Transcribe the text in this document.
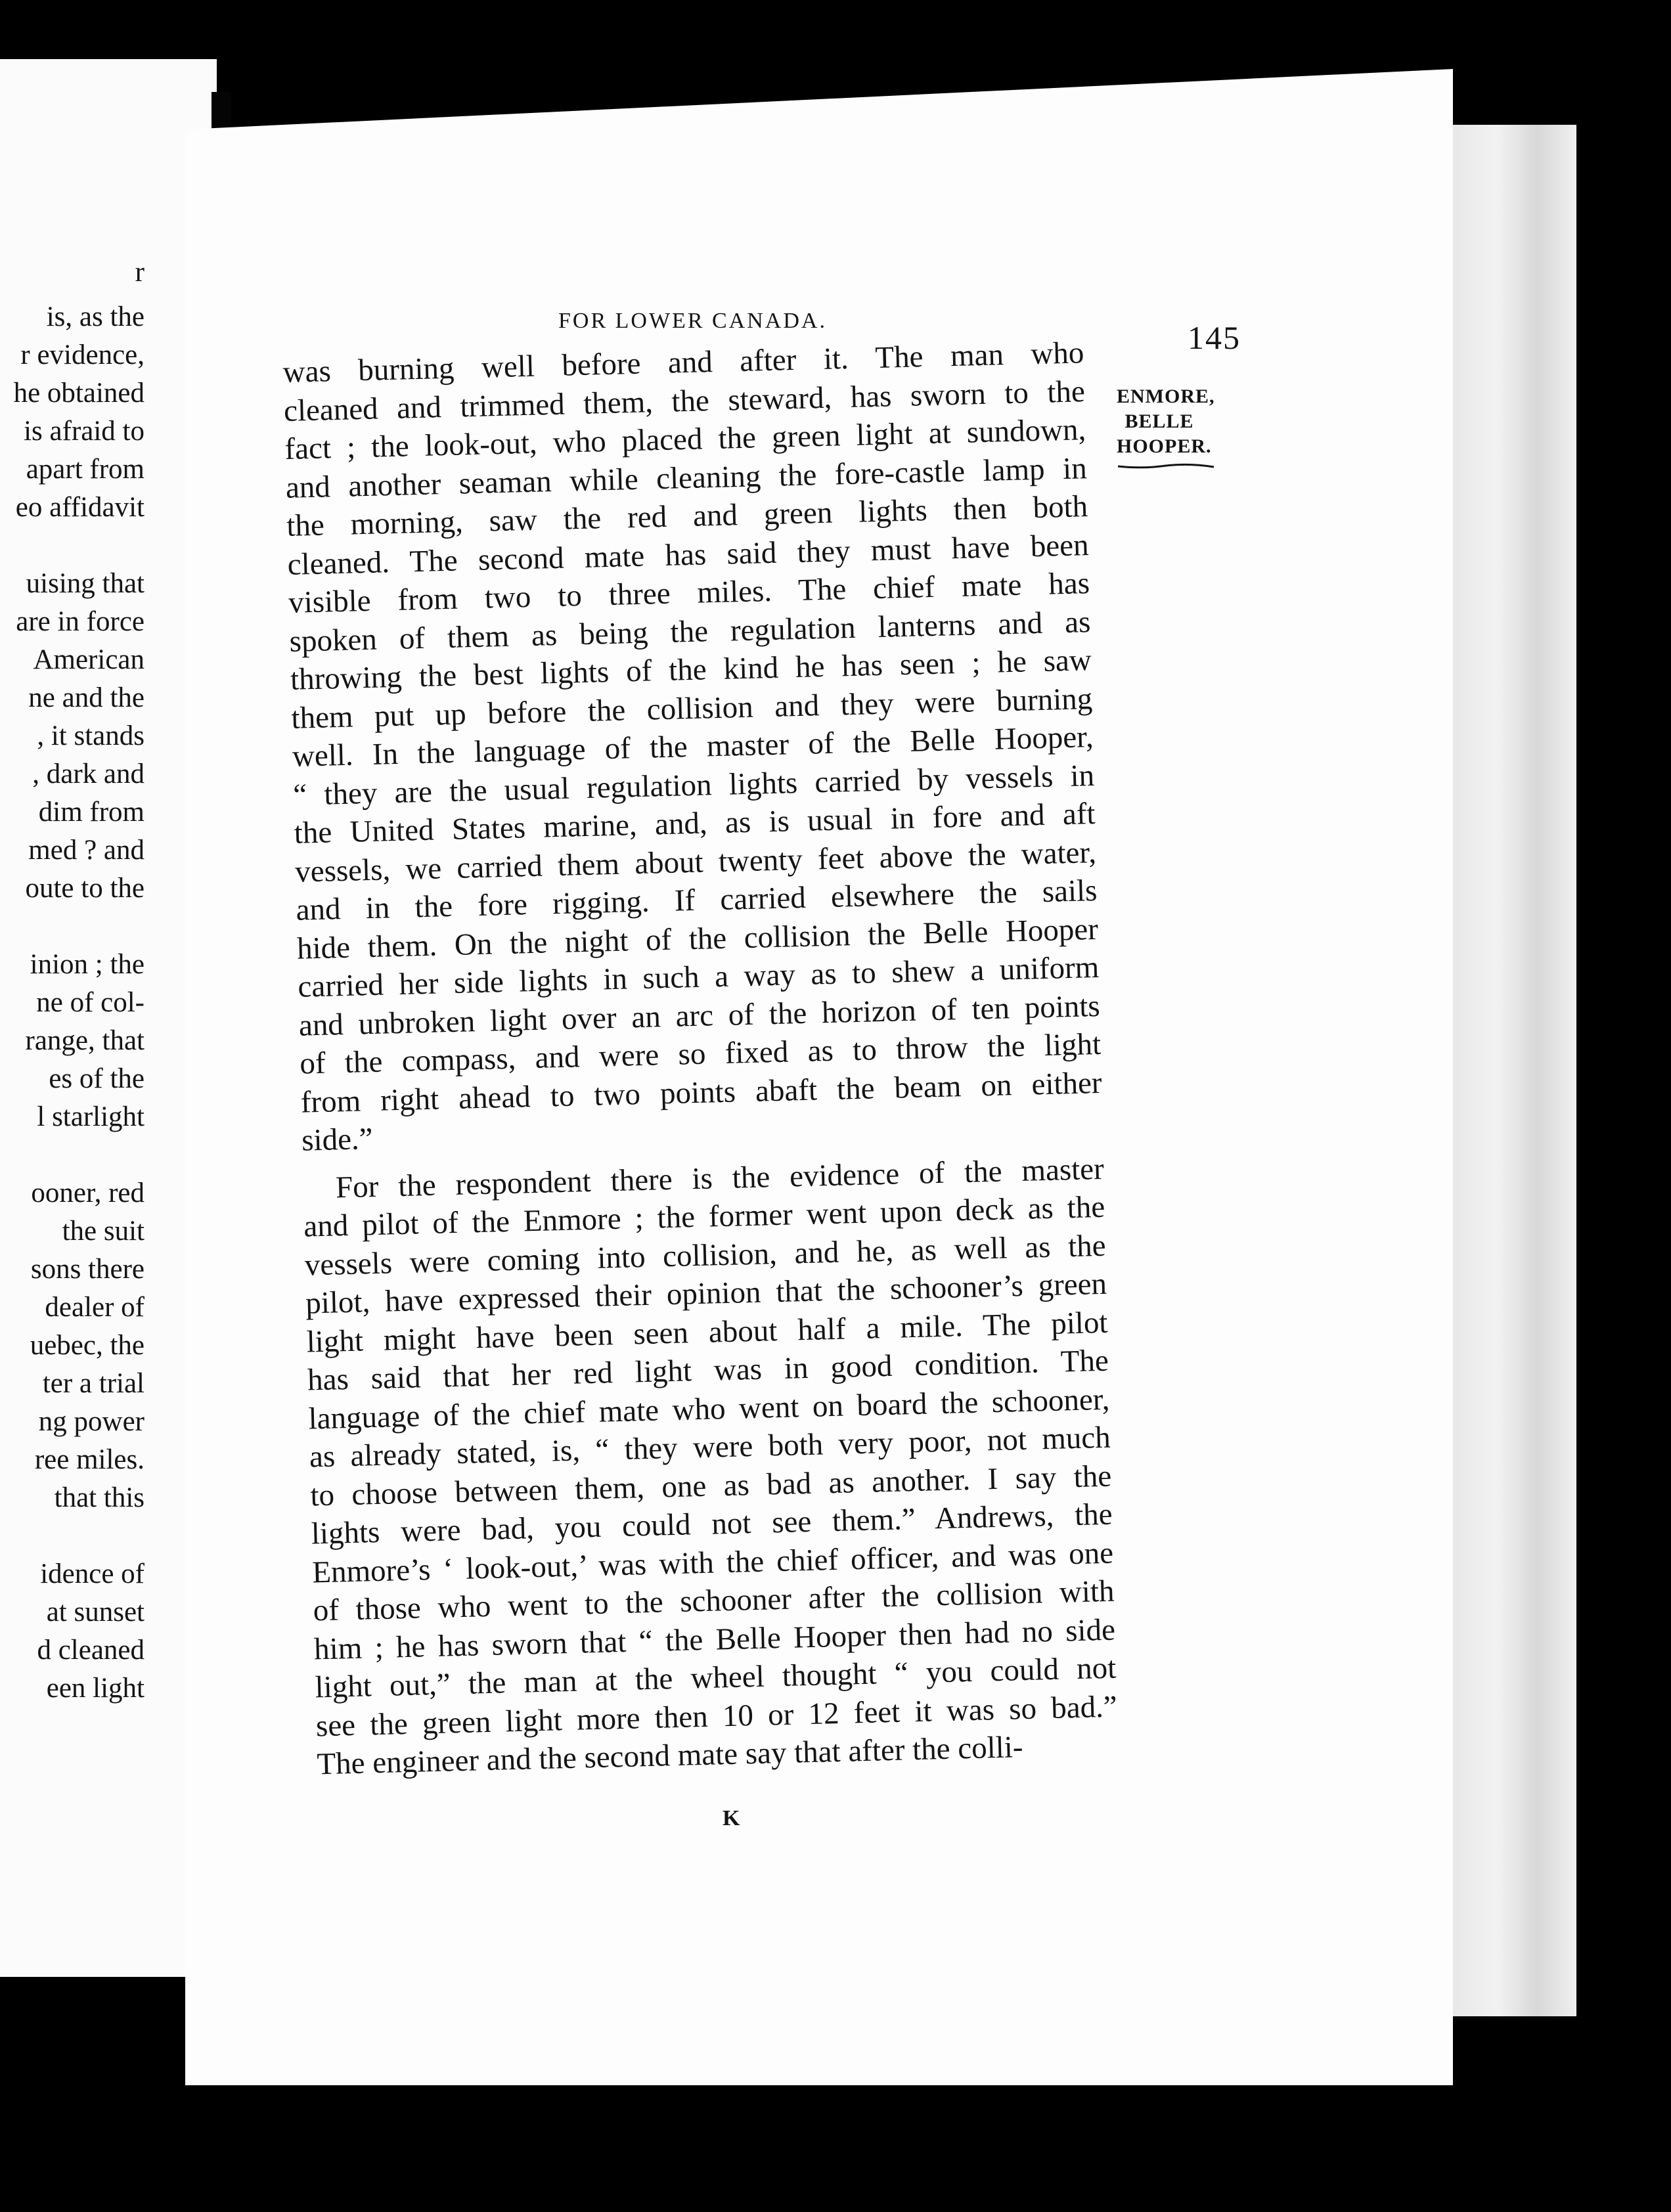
r
is, as the
r evidence,
he obtained
is afraid to
apart from
eo affidavit
uising that
are in force
American
ne and the
, it stands
, dark and
dim from
med ? and
oute to the
inion ; the
ne of col-
range, that
es of the
l starlight
ooner, red
the suit
sons there
dealer of
uebec, the
ter a trial
ng power
ree miles.
that this
idence of
at sunset
d cleaned
een light
FOR LOWER CANADA.	145
ENMORE,
BELLE
HOOPER.
was burning well before and after it. The man who
cleaned and trimmed them, the steward, has sworn to the
fact ; the look-out, who placed the green light at sundown,
and another seaman while cleaning the fore-castle lamp in
the morning, saw the red and green lights then both
cleaned. The second mate has said they must have been
visible from two to three miles. The chief mate has
spoken of them as being the regulation lanterns and as
throwing the best lights of the kind he has seen ; he saw
them put up before the collision and they were burning
well. In the language of the master of the Belle Hooper,
“ they are the usual regulation lights carried by vessels in
the United States marine, and, as is usual in fore and aft
vessels, we carried them about twenty feet above the water,
and in the fore rigging. If carried elsewhere the sails
hide them. On the night of the collision the Belle Hooper
carried her side lights in such a way as to shew a uniform
and unbroken light over an arc of the horizon of ten points
of the compass, and were so fixed as to throw the light
from right ahead to two points abaft the beam on either
side.”
For the respondent there is the evidence of the master
and pilot of the Enmore ; the former went upon deck as the
vessels were coming into collision, and he, as well as the
pilot, have expressed their opinion that the schooner’s green
light might have been seen about half a mile. The pilot
has said that her red light was in good condition. The
language of the chief mate who went on board the schooner,
as already stated, is, “ they were both very poor, not much
to choose between them, one as bad as another. I say the
lights were bad, you could not see them.” Andrews, the
Enmore’s ‘ look-out,’ was with the chief officer, and was one
of those who went to the schooner after the collision with
him ; he has sworn that “ the Belle Hooper then had no side
light out,” the man at the wheel thought “ you could not
see the green light more then 10 or 12 feet it was so bad.”
The engineer and the second mate say that after the colli-
K
